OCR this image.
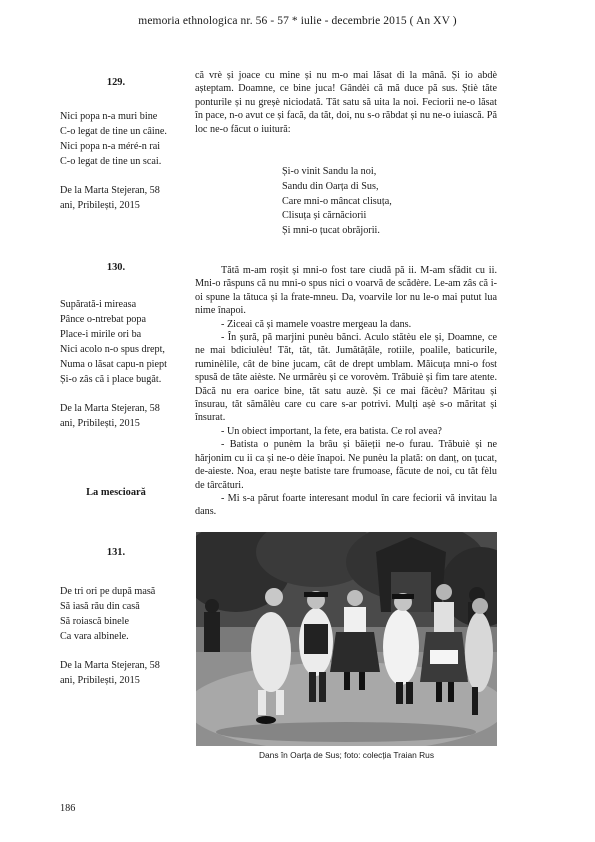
memoria ethnologica nr. 56 - 57 * iulie - decembrie 2015 ( An XV )
129.
Nici popa n-a muri bine
C-o legat de tine un câine.
Nici popa n-a méré-n rai
C-o legat de tine un scai.
De la Marta Stejeran, 58
ani, Pribilești, 2015
130.
Supărată-i mireasa
Pânce o-ntrebat popa
Place-i mirile ori ba
Nici acolo n-o spus drept,
Numa o lăsat capu-n piept
Și-o zâs că i place bugăt.
De la Marta Stejeran, 58
ani, Pribilești, 2015
La mescioară
131.
De tri ori pe după masă
Să iasă rău din casă
Să roiască binele
Ca vara albinele.
De la Marta Stejeran, 58
ani, Pribilești, 2015

că vrè și joace cu mine și nu m-o mai lăsat di la mână. Și io abdè așteptam. Doamne, ce bine juca! Gândèi că mă duce pă sus. Știè tăte ponturile și nu greșè niciodată. Tăt satu să uita la noi. Feciorii ne-o lăsat în pace, n-o avut ce și facă, da tăt, doi, nu s-o răbdat și nu ne-o iuiască. Pă loc ne-o făcut o iuitură:

Și-o vinit Sandu la noi,
Sandu din Oarța di Sus,
Care mni-o mâncat clisuța,
Clisuța și cărnăciorii
Și mni-o țucat obrăjorii.

Tătă m-am roșit și mni-o fost tare ciudă pă ii. M-am sfădit cu ii. Mni-o răspuns că nu mni-o spus nici o voarvă de scădère. Le-am zâs că i-oi spune la tătuca și la frate-mneu. Da, voarvile lor nu le-o mai putut lua nime înapoi.

- Ziceai că și mamele voastre mergeau la dans.

- În șură, pă marjini punèu bănci. Aculo stătèu ele și, Doamne, ce ne mai bdiciulèu! Tăt, tăt, tăt. Jumătățăle, rotiile, poalile, baticurile, ruminèlile, cât de bine jucam, cât de drept umblam. Măicuța mni-o fost spusă de tăte aièste. Ne urmărèu și ce vorovèm. Trăbuiè și fim tare atente. Dăcă nu era oarice bine, tăt satu auzè. Și ce mai făcèu? Măritau și însurau, tăt sămălèu care cu care s-ar potrivi. Mulți așè s-o măritat și însurat.

- Un obiect important, la fete, era batista. Ce rol avea?

- Batista o punèm la brâu și băieții ne-o furau. Trăbuiè și ne hărjonim cu ii ca și ne-o dèie înapoi. Ne punèu la plată: on danț, on țucat, de-aieste. Noa, erau neşte batiste tare frumoase, făcute de noi, cu tăt fèlu de târcături.

- Mi s-a părut foarte interesant modul în care feciorii vă invitau la dans.

Dans în Oarța de Sus; foto: colecția Traian Rus
186
